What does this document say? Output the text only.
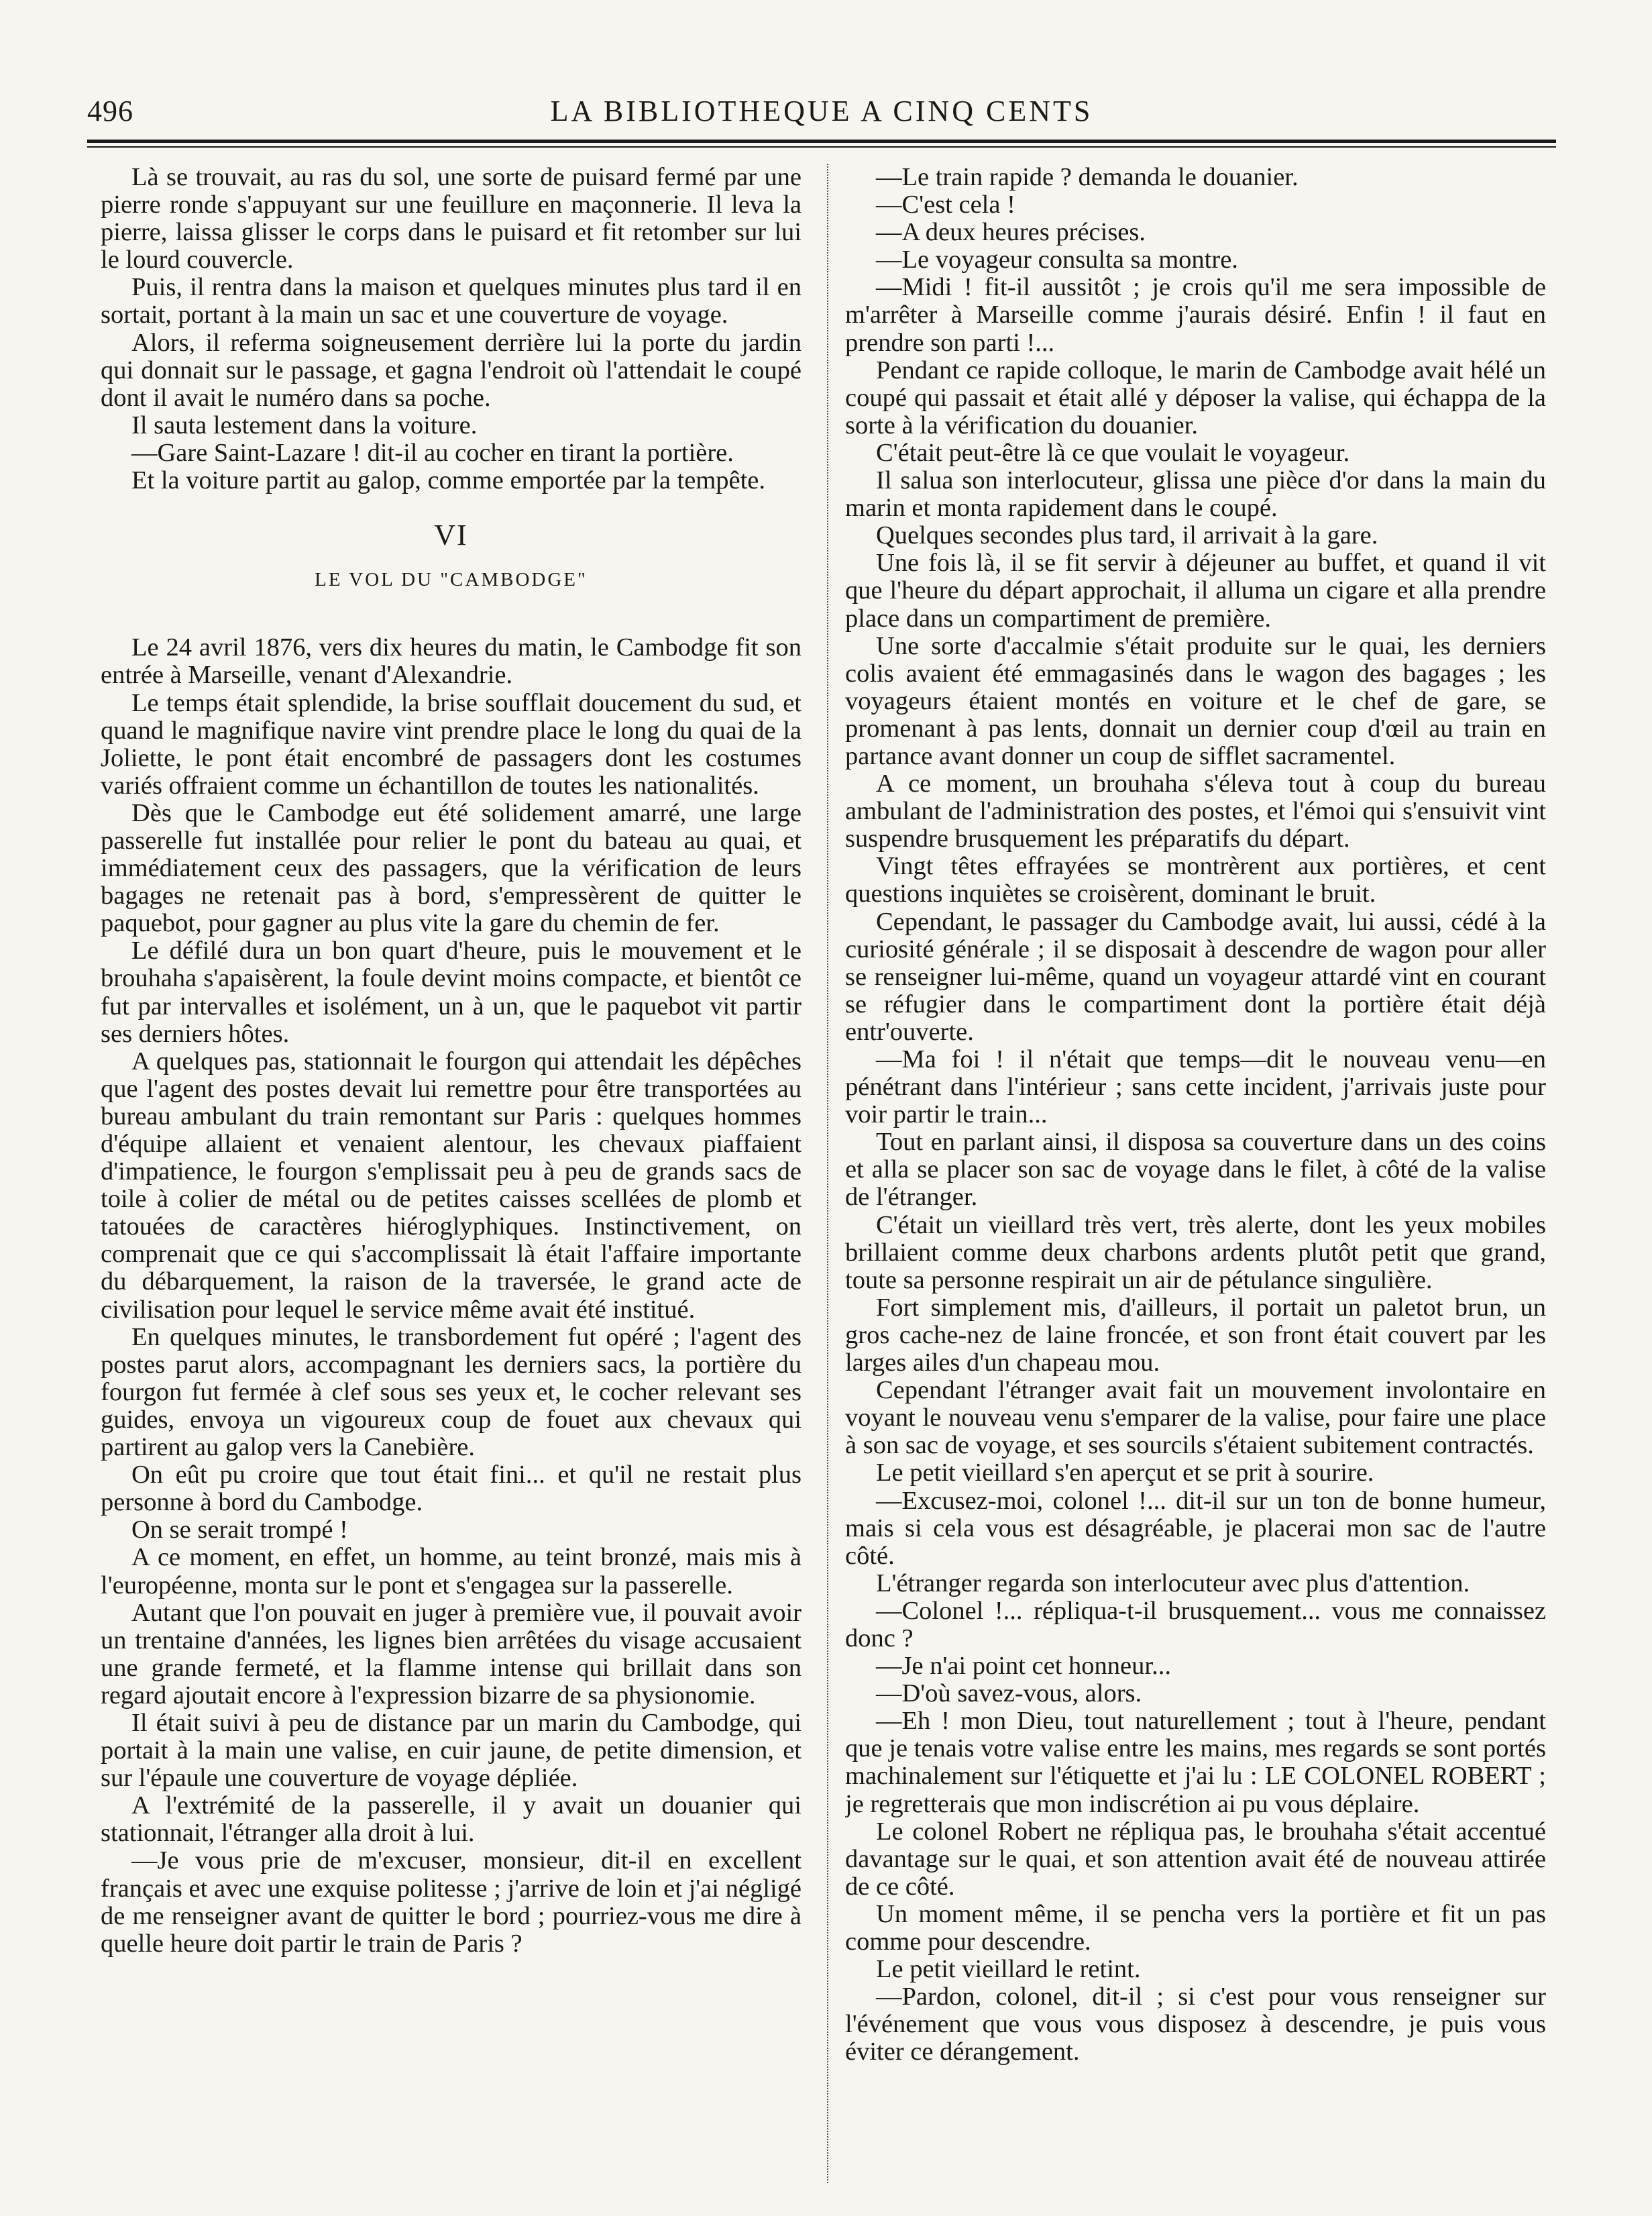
496	LA BIBLIOTHEQUE A CINQ CENTS

Là se trouvait, au ras du sol, une sorte de puisard fermé par une pierre ronde s'appuyant sur une feuillure en maçonnerie. Il leva la pierre, laissa glisser le corps dans le puisard et fit retomber sur lui le lourd couvercle.

Puis, il rentra dans la maison et quelques minutes plus tard il en sortait, portant à la main un sac et une couverture de voyage.

Alors, il referma soigneusement derrière lui la porte du jardin qui donnait sur le passage, et gagna l'endroit où l'attendait le coupé dont il avait le numéro dans sa poche.

Il sauta lestement dans la voiture.

—Gare Saint-Lazare ! dit-il au cocher en tirant la portière.

Et la voiture partit au galop, comme emportée par la tempête.

VI

LE VOL DU "CAMBODGE"

Le 24 avril 1876, vers dix heures du matin, le Cambodge fit son entrée à Marseille, venant d'Alexandrie.

Le temps était splendide, la brise soufflait doucement du sud, et quand le magnifique navire vint prendre place le long du quai de la Joliette, le pont était encombré de passagers dont les costumes variés offraient comme un échantillon de toutes les nationalités.

Dès que le Cambodge eut été solidement amarré, une large passerelle fut installée pour relier le pont du bateau au quai, et immédiatement ceux des passagers, que la vérification de leurs bagages ne retenait pas à bord, s'empressèrent de quitter le paquebot, pour gagner au plus vite la gare du chemin de fer.

Le défilé dura un bon quart d'heure, puis le mouvement et le brouhaha s'apaisèrent, la foule devint moins compacte, et bientôt ce fut par intervalles et isolément, un à un, que le paquebot vit partir ses derniers hôtes.

A quelques pas, stationnait le fourgon qui attendait les dépêches que l'agent des postes devait lui remettre pour être transportées au bureau ambulant du train remontant sur Paris : quelques hommes d'équipe allaient et venaient alentour, les chevaux piaffaient d'impatience, le fourgon s'emplissait peu à peu de grands sacs de toile à colier de métal ou de petites caisses scellées de plomb et tatouées de caractères hiéroglyphiques. Instinctivement, on comprenait que ce qui s'accomplissait là était l'affaire importante du débarquement, la raison de la traversée, le grand acte de civilisation pour lequel le service même avait été institué.

En quelques minutes, le transbordement fut opéré ; l'agent des postes parut alors, accompagnant les derniers sacs, la portière du fourgon fut fermée à clef sous ses yeux et, le cocher relevant ses guides, envoya un vigoureux coup de fouet aux chevaux qui partirent au galop vers la Canebière.

On eût pu croire que tout était fini... et qu'il ne restait plus personne à bord du Cambodge.

On se serait trompé !

A ce moment, en effet, un homme, au teint bronzé, mais mis à l'européenne, monta sur le pont et s'engagea sur la passerelle.

Autant que l'on pouvait en juger à première vue, il pouvait avoir un trentaine d'années, les lignes bien arrêtées du visage accusaient une grande fermeté, et la flamme intense qui brillait dans son regard ajoutait encore à l'expression bizarre de sa physionomie.

Il était suivi à peu de distance par un marin du Cambodge, qui portait à la main une valise, en cuir jaune, de petite dimension, et sur l'épaule une couverture de voyage dépliée.

A l'extrémité de la passerelle, il y avait un douanier qui stationnait, l'étranger alla droit à lui.

—Je vous prie de m'excuser, monsieur, dit-il en excellent français et avec une exquise politesse ; j'arrive de loin et j'ai négligé de me renseigner avant de quitter le bord ; pourriez-vous me dire à quelle heure doit partir le train de Paris ?

—Le train rapide ? demanda le douanier.

—C'est cela !

—A deux heures précises.

—Le voyageur consulta sa montre.

—Midi ! fit-il aussitôt ; je crois qu'il me sera impossible de m'arrêter à Marseille comme j'aurais désiré. Enfin ! il faut en prendre son parti !...

Pendant ce rapide colloque, le marin de Cambodge avait hélé un coupé qui passait et était allé y déposer la valise, qui échappa de la sorte à la vérification du douanier.

C'était peut-être là ce que voulait le voyageur.

Il salua son interlocuteur, glissa une pièce d'or dans la main du marin et monta rapidement dans le coupé.

Quelques secondes plus tard, il arrivait à la gare.

Une fois là, il se fit servir à déjeuner au buffet, et quand il vit que l'heure du départ approchait, il alluma un cigare et alla prendre place dans un compartiment de première.

Une sorte d'accalmie s'était produite sur le quai, les derniers colis avaient été emmagasinés dans le wagon des bagages ; les voyageurs étaient montés en voiture et le chef de gare, se promenant à pas lents, donnait un dernier coup d'œil au train en partance avant donner un coup de sifflet sacramentel.

A ce moment, un brouhaha s'éleva tout à coup du bureau ambulant de l'administration des postes, et l'émoi qui s'ensuivit vint suspendre brusquement les préparatifs du départ.

Vingt têtes effrayées se montrèrent aux portières, et cent questions inquiètes se croisèrent, dominant le bruit.

Cependant, le passager du Cambodge avait, lui aussi, cédé à la curiosité générale ; il se disposait à descendre de wagon pour aller se renseigner lui-même, quand un voyageur attardé vint en courant se réfugier dans le compartiment dont la portière était déjà entr'ouverte.

—Ma foi ! il n'était que temps—dit le nouveau venu—en pénétrant dans l'intérieur ; sans cette incident, j'arrivais juste pour voir partir le train...

Tout en parlant ainsi, il disposa sa couverture dans un des coins et alla se placer son sac de voyage dans le filet, à côté de la valise de l'étranger.

C'était un vieillard très vert, très alerte, dont les yeux mobiles brillaient comme deux charbons ardents plutôt petit que grand, toute sa personne respirait un air de pétulance singulière.

Fort simplement mis, d'ailleurs, il portait un paletot brun, un gros cache-nez de laine froncée, et son front était couvert par les larges ailes d'un chapeau mou.

Cependant l'étranger avait fait un mouvement involontaire en voyant le nouveau venu s'emparer de la valise, pour faire une place à son sac de voyage, et ses sourcils s'étaient subitement contractés.

Le petit vieillard s'en aperçut et se prit à sourire.

—Excusez-moi, colonel !... dit-il sur un ton de bonne humeur, mais si cela vous est désagréable, je placerai mon sac de l'autre côté.

L'étranger regarda son interlocuteur avec plus d'attention.

—Colonel !... répliqua-t-il brusquement... vous me connaissez donc ?

—Je n'ai point cet honneur...

—D'où savez-vous, alors.

—Eh ! mon Dieu, tout naturellement ; tout à l'heure, pendant que je tenais votre valise entre les mains, mes regards se sont portés machinalement sur l'étiquette et j'ai lu : LE COLONEL ROBERT ; je regretterais que mon indiscrétion ai pu vous déplaire.

Le colonel Robert ne répliqua pas, le brouhaha s'était accentué davantage sur le quai, et son attention avait été de nouveau attirée de ce côté.

Un moment même, il se pencha vers la portière et fit un pas comme pour descendre.

Le petit vieillard le retint.

—Pardon, colonel, dit-il ; si c'est pour vous renseigner sur l'événement que vous vous disposez à descendre, je puis vous éviter ce dérangement.
